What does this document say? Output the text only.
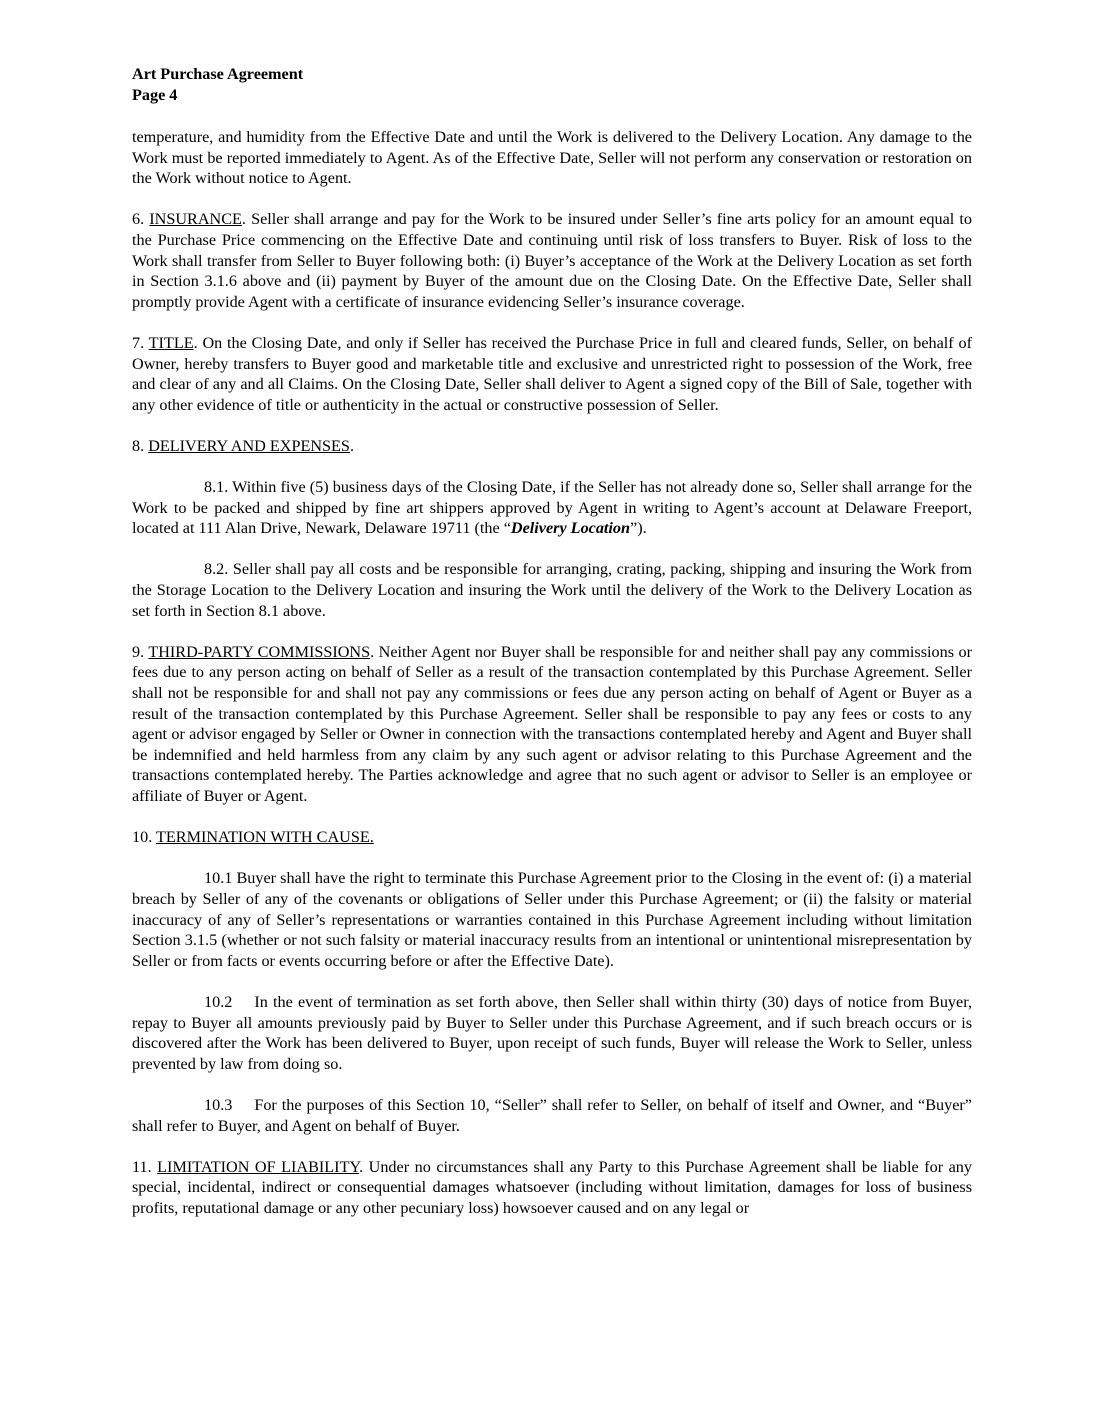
Art Purchase Agreement
Page 4

temperature, and humidity from the Effective Date and until the Work is delivered to the Delivery Location. Any damage to the Work must be reported immediately to Agent. As of the Effective Date, Seller will not perform any conservation or restoration on the Work without notice to Agent.

6. INSURANCE. Seller shall arrange and pay for the Work to be insured under Seller’s fine arts policy for an amount equal to the Purchase Price commencing on the Effective Date and continuing until risk of loss transfers to Buyer. Risk of loss to the Work shall transfer from Seller to Buyer following both: (i) Buyer’s acceptance of the Work at the Delivery Location as set forth in Section 3.1.6 above and (ii) payment by Buyer of the amount due on the Closing Date. On the Effective Date, Seller shall promptly provide Agent with a certificate of insurance evidencing Seller’s insurance coverage.

7. TITLE. On the Closing Date, and only if Seller has received the Purchase Price in full and cleared funds, Seller, on behalf of Owner, hereby transfers to Buyer good and marketable title and exclusive and unrestricted right to possession of the Work, free and clear of any and all Claims. On the Closing Date, Seller shall deliver to Agent a signed copy of the Bill of Sale, together with any other evidence of title or authenticity in the actual or constructive possession of Seller.

8. DELIVERY AND EXPENSES.

8.1. Within five (5) business days of the Closing Date, if the Seller has not already done so, Seller shall arrange for the Work to be packed and shipped by fine art shippers approved by Agent in writing to Agent’s account at Delaware Freeport, located at 111 Alan Drive, Newark, Delaware 19711 (the “Delivery Location”).

8.2. Seller shall pay all costs and be responsible for arranging, crating, packing, shipping and insuring the Work from the Storage Location to the Delivery Location and insuring the Work until the delivery of the Work to the Delivery Location as set forth in Section 8.1 above.

9. THIRD-PARTY COMMISSIONS. Neither Agent nor Buyer shall be responsible for and neither shall pay any commissions or fees due to any person acting on behalf of Seller as a result of the transaction contemplated by this Purchase Agreement. Seller shall not be responsible for and shall not pay any commissions or fees due any person acting on behalf of Agent or Buyer as a result of the transaction contemplated by this Purchase Agreement. Seller shall be responsible to pay any fees or costs to any agent or advisor engaged by Seller or Owner in connection with the transactions contemplated hereby and Agent and Buyer shall be indemnified and held harmless from any claim by any such agent or advisor relating to this Purchase Agreement and the transactions contemplated hereby. The Parties acknowledge and agree that no such agent or advisor to Seller is an employee or affiliate of Buyer or Agent.

10. TERMINATION WITH CAUSE.

10.1 Buyer shall have the right to terminate this Purchase Agreement prior to the Closing in the event of: (i) a material breach by Seller of any of the covenants or obligations of Seller under this Purchase Agreement; or (ii) the falsity or material inaccuracy of any of Seller’s representations or warranties contained in this Purchase Agreement including without limitation Section 3.1.5 (whether or not such falsity or material inaccuracy results from an intentional or unintentional misrepresentation by Seller or from facts or events occurring before or after the Effective Date).

10.2 In the event of termination as set forth above, then Seller shall within thirty (30) days of notice from Buyer, repay to Buyer all amounts previously paid by Buyer to Seller under this Purchase Agreement, and if such breach occurs or is discovered after the Work has been delivered to Buyer, upon receipt of such funds, Buyer will release the Work to Seller, unless prevented by law from doing so.

10.3 For the purposes of this Section 10, “Seller” shall refer to Seller, on behalf of itself and Owner, and “Buyer” shall refer to Buyer, and Agent on behalf of Buyer.

11. LIMITATION OF LIABILITY. Under no circumstances shall any Party to this Purchase Agreement shall be liable for any special, incidental, indirect or consequential damages whatsoever (including without limitation, damages for loss of business profits, reputational damage or any other pecuniary loss) howsoever caused and on any legal or
